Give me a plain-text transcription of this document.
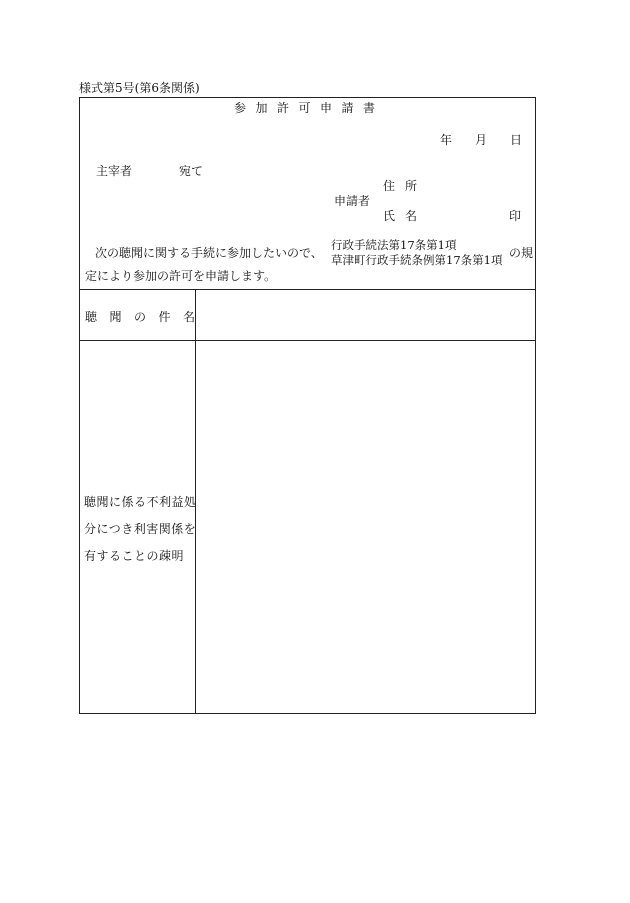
様式第5号(第6条関係)
参加許可申請書
年 月 日
主宰者	宛て
住所
申請者
氏名	印
次の聴聞に関する手続に参加したいので、
行政手続法第17条第1項
草津町行政手続条例第17条第1項 の規
定により参加の許可を申請します。
聴聞の件名
聴聞に係る不利益処
分につき利害関係を
有することの疎明
